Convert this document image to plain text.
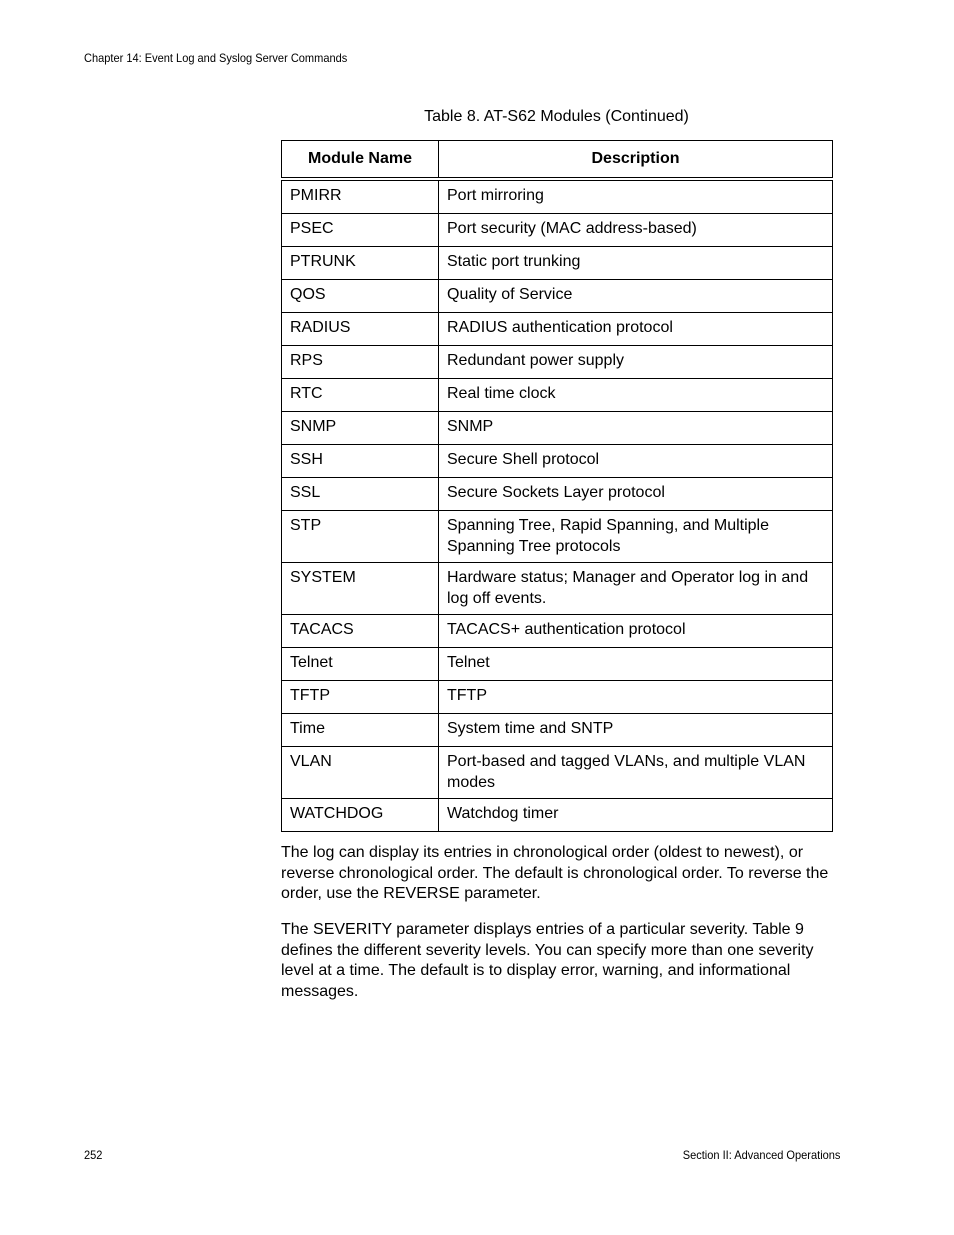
Chapter 14: Event Log and Syslog Server Commands
Table 8. AT-S62 Modules (Continued)
Module Name	Description
PMIRR	Port mirroring
PSEC	Port security (MAC address-based)
PTRUNK	Static port trunking
QOS	Quality of Service
RADIUS	RADIUS authentication protocol
RPS	Redundant power supply
RTC	Real time clock
SNMP	SNMP
SSH	Secure Shell protocol
SSL	Secure Sockets Layer protocol
STP	Spanning Tree, Rapid Spanning, and Multiple Spanning Tree protocols
SYSTEM	Hardware status; Manager and Operator log in and log off events.
TACACS	TACACS+ authentication protocol
Telnet	Telnet
TFTP	TFTP
Time	System time and SNTP
VLAN	Port-based and tagged VLANs, and multiple VLAN modes
WATCHDOG	Watchdog timer

The log can display its entries in chronological order (oldest to newest), or reverse chronological order. The default is chronological order. To reverse the order, use the REVERSE parameter.

The SEVERITY parameter displays entries of a particular severity. Table 9 defines the different severity levels. You can specify more than one severity level at a time. The default is to display error, warning, and informational messages.

252	Section II: Advanced Operations
